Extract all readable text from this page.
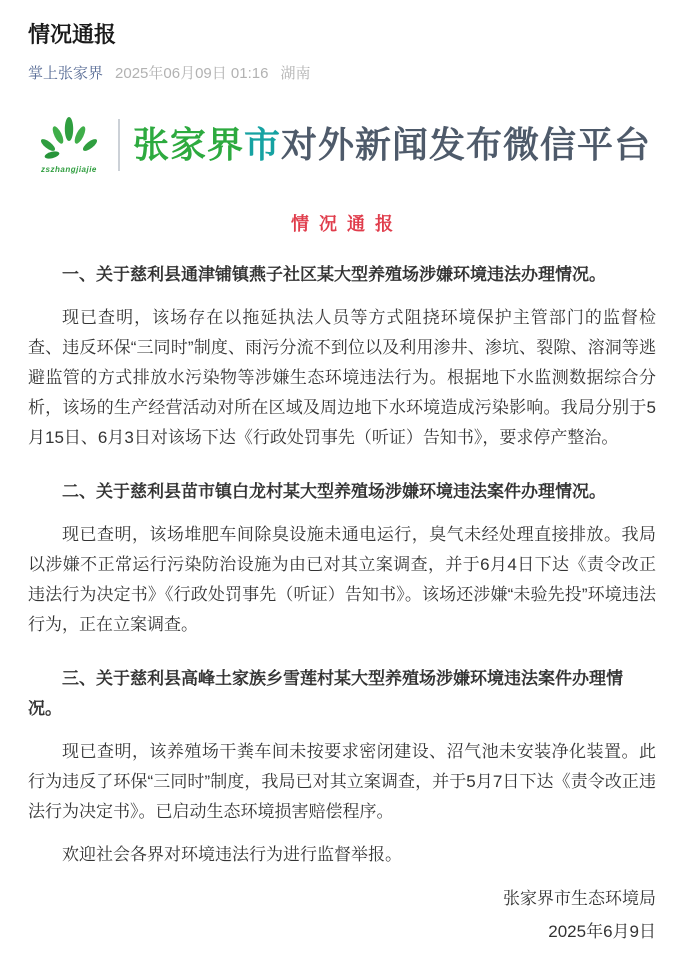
情况通报
掌上张家界 2025年06月09日 01:16 湖南
zszhangjiajie
张家界市对外新闻发布微信平台
情况通报

一、关于慈利县通津铺镇燕子社区某大型养殖场涉嫌环境违法办理情况。

现已查明，该场存在以拖延执法人员等方式阻挠环境保护主管部门的监督检查、违反环保“三同时”制度、雨污分流不到位以及利用渗井、渗坑、裂隙、溶洞等逃避监管的方式排放水污染物等涉嫌生态环境违法行为。根据地下水监测数据综合分析，该场的生产经营活动对所在区域及周边地下水环境造成污染影响。我局分别于5月15日、6月3日对该场下达《行政处罚事先（听证）告知书》，要求停产整治。

二、关于慈利县苗市镇白龙村某大型养殖场涉嫌环境违法案件办理情况。

现已查明，该场堆肥车间除臭设施未通电运行，臭气未经处理直接排放。我局以涉嫌不正常运行污染防治设施为由已对其立案调查，并于6月4日下达《责令改正违法行为决定书》《行政处罚事先（听证）告知书》。该场还涉嫌“未验先投”环境违法行为，正在立案调查。

三、关于慈利县高峰土家族乡雪莲村某大型养殖场涉嫌环境违法案件办理情况。

现已查明，该养殖场干粪车间未按要求密闭建设、沼气池未安装净化装置。此行为违反了环保“三同时”制度，我局已对其立案调查，并于5月7日下达《责令改正违法行为决定书》。已启动生态环境损害赔偿程序。

欢迎社会各界对环境违法行为进行监督举报。

张家界市生态环境局
2025年6月9日
